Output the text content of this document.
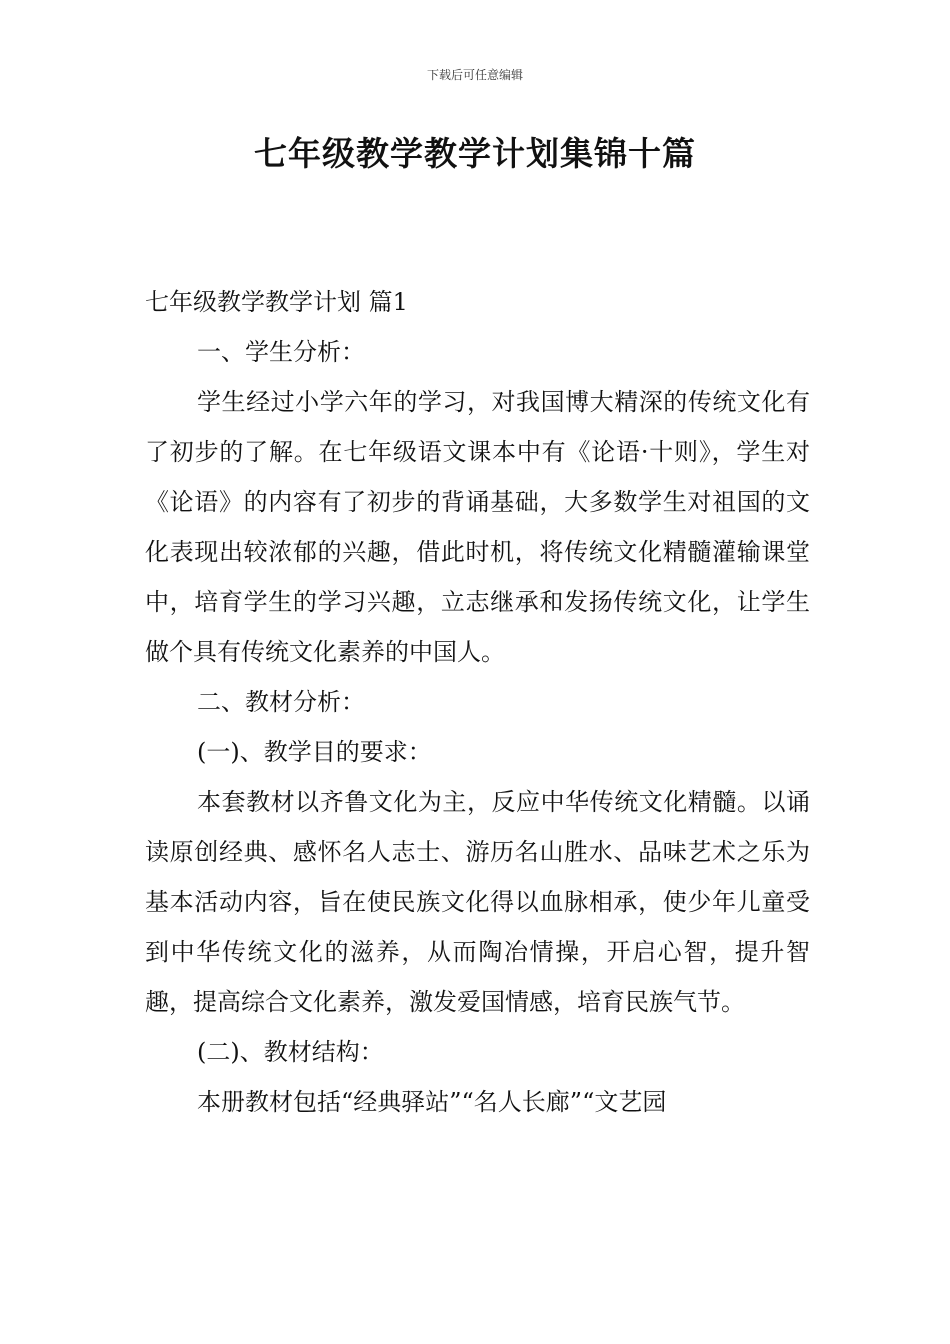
下载后可任意编辑
七年级教学教学计划集锦十篇

七年级教学教学计划 篇1

一、学生分析：

学生经过小学六年的学习，对我国博大精深的传统文化有了初步的了解。在七年级语文课本中有《论语·十则》，学生对《论语》的内容有了初步的背诵基础，大多数学生对祖国的文化表现出较浓郁的兴趣，借此时机，将传统文化精髓灌输课堂中，培育学生的学习兴趣，立志继承和发扬传统文化，让学生做个具有传统文化素养的中国人。

二、教材分析：

(一)、教学目的要求：

本套教材以齐鲁文化为主，反应中华传统文化精髓。以诵读原创经典、感怀名人志士、游历名山胜水、品味艺术之乐为基本活动内容，旨在使民族文化得以血脉相承，使少年儿童受到中华传统文化的滋养，从而陶冶情操，开启心智，提升智趣，提高综合文化素养，激发爱国情感，培育民族气节。

(二)、教材结构：

本册教材包括“经典驿站”“名人长廊”“文艺园
